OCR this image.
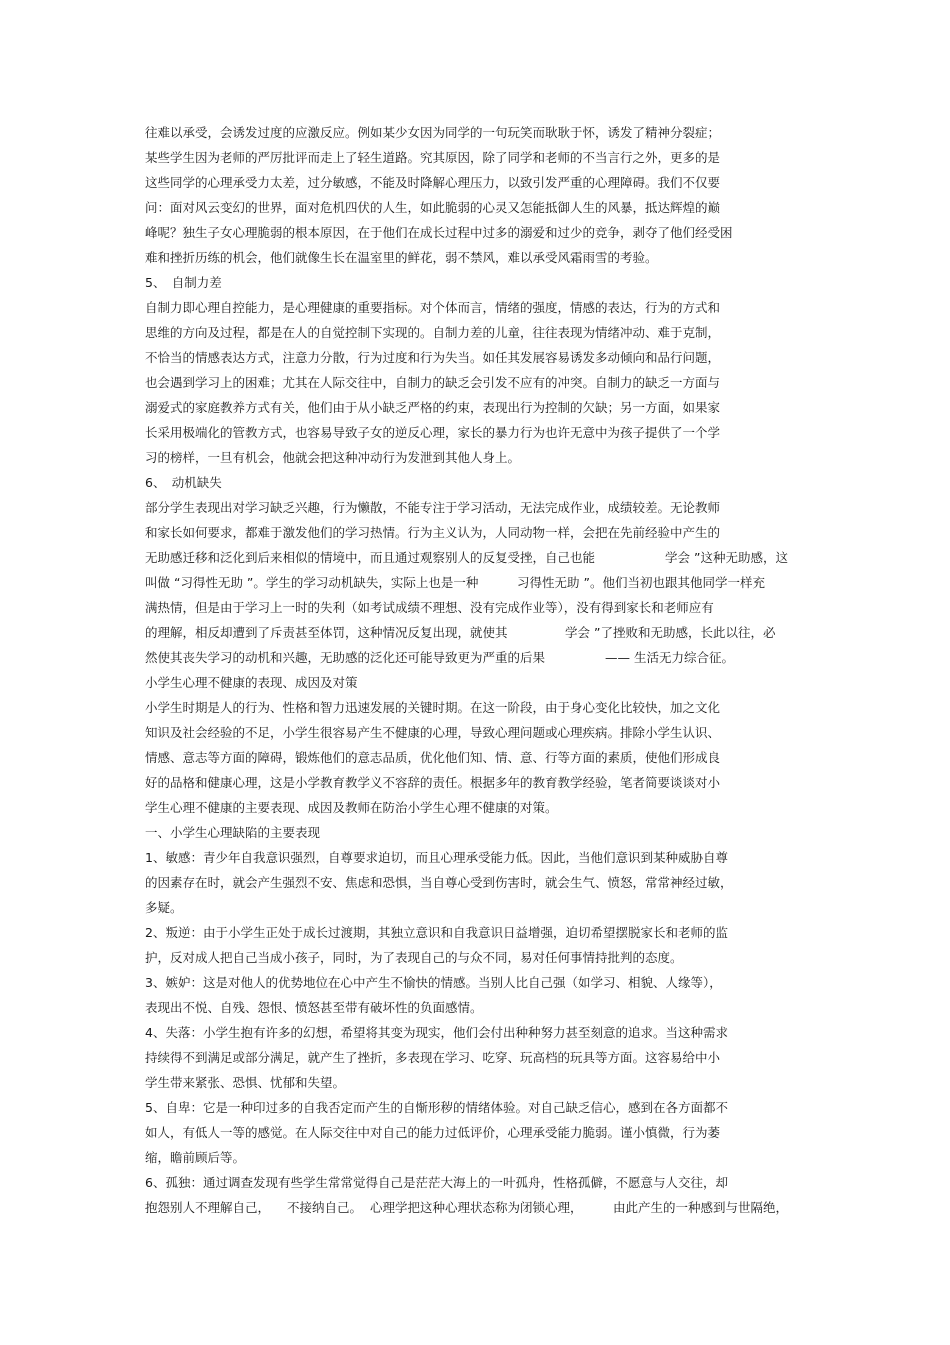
往难以承受，会诱发过度的应激反应。例如某少女因为同学的一句玩笑而耿耿于怀，诱发了精神分裂症；
某些学生因为老师的严厉批评而走上了轻生道路。究其原因，除了同学和老师的不当言行之外，更多的是
这些同学的心理承受力太差，过分敏感，不能及时降解心理压力，以致引发严重的心理障碍。我们不仅要
问：面对风云变幻的世界，面对危机四伏的人生，如此脆弱的心灵又怎能抵御人生的风暴，抵达辉煌的巅
峰呢？独生子女心理脆弱的根本原因，在于他们在成长过程中过多的溺爱和过少的竞争，剥夺了他们经受困
难和挫折历练的机会，他们就像生长在温室里的鲜花，弱不禁风，难以承受风霜雨雪的考验。
5、　自制力差
自制力即心理自控能力，是心理健康的重要指标。对个体而言，情绪的强度，情感的表达，行为的方式和
思维的方向及过程，都是在人的自觉控制下实现的。自制力差的儿童，往往表现为情绪冲动、难于克制，
不恰当的情感表达方式，注意力分散，行为过度和行为失当。如任其发展容易诱发多动倾向和品行问题，
也会遇到学习上的困难；尤其在人际交往中，自制力的缺乏会引发不应有的冲突。自制力的缺乏一方面与
溺爱式的家庭教养方式有关，他们由于从小缺乏严格的约束，表现出行为控制的欠缺；另一方面，如果家
长采用极端化的管教方式，也容易导致子女的逆反心理，家长的暴力行为也许无意中为孩子提供了一个学
习的榜样，一旦有机会，他就会把这种冲动行为发泄到其他人身上。
6、　动机缺失
部分学生表现出对学习缺乏兴趣，行为懒散，不能专注于学习活动，无法完成作业，成绩较差。无论教师
和家长如何要求，都难于激发他们的学习热情。行为主义认为，人同动物一样，会把在先前经验中产生的
无助感迁移和泛化到后来相似的情境中，而且通过观察别人的反复受挫，自己也能	学会 ”这种无助感，这
叫做 “习得性无助 ”。学生的学习动机缺失，实际上也是一种	习得性无助 ”。他们当初也跟其他同学一样充
满热情，但是由于学习上一时的失利（如考试成绩不理想、没有完成作业等），没有得到家长和老师应有
的理解，相反却遭到了斥责甚至体罚，这种情况反复出现，就使其	学会 ”了挫败和无助感，长此以往，必
然使其丧失学习的动机和兴趣，无助感的泛化还可能导致更为严重的后果	—— 生活无力综合征。
小学生心理不健康的表现、成因及对策
小学生时期是人的行为、性格和智力迅速发展的关键时期。在这一阶段，由于身心变化比较快，加之文化
知识及社会经验的不足，小学生很容易产生不健康的心理，导致心理问题或心理疾病。排除小学生认识、
情感、意志等方面的障碍，锻炼他们的意志品质，优化他们知、情、意、行等方面的素质，使他们形成良
好的品格和健康心理，这是小学教育教学义不容辞的责任。根据多年的教育教学经验，笔者简要谈谈对小
学生心理不健康的主要表现、成因及教师在防治小学生心理不健康的对策。
一、小学生心理缺陷的主要表现
1、敏感：青少年自我意识强烈，自尊要求迫切，而且心理承受能力低。因此，当他们意识到某种威胁自尊
的因素存在时，就会产生强烈不安、焦虑和恐惧，当自尊心受到伤害时，就会生气、愤怒，常常神经过敏，
多疑。
2、叛逆：由于小学生正处于成长过渡期，其独立意识和自我意识日益增强，迫切希望摆脱家长和老师的监
护，反对成人把自己当成小孩子，同时，为了表现自己的与众不同，易对任何事情持批判的态度。
3、嫉妒：这是对他人的优势地位在心中产生不愉快的情感。当别人比自己强（如学习、相貌、人缘等），
表现出不悦、自残、怨恨、愤怒甚至带有破坏性的负面感情。
4、失落：小学生抱有许多的幻想，希望将其变为现实，他们会付出种种努力甚至刻意的追求。当这种需求
持续得不到满足或部分满足，就产生了挫折，多表现在学习、吃穿、玩高档的玩具等方面。这容易给中小
学生带来紧张、恐惧、忧郁和失望。
5、自卑：它是一种印过多的自我否定而产生的自惭形秽的情绪体验。对自己缺乏信心，感到在各方面都不
如人，有低人一等的感觉。在人际交往中对自己的能力过低评价，心理承受能力脆弱。谨小慎微，行为萎
缩，瞻前顾后等。
6、孤独：通过调查发现有些学生常常觉得自己是茫茫大海上的一叶孤舟，性格孤僻，不愿意与人交往，却
抱怨别人不理解自己， 不接纳自己。 心理学把这种心理状态称为闭锁心理， 由此产生的一种感到与世隔绝，
